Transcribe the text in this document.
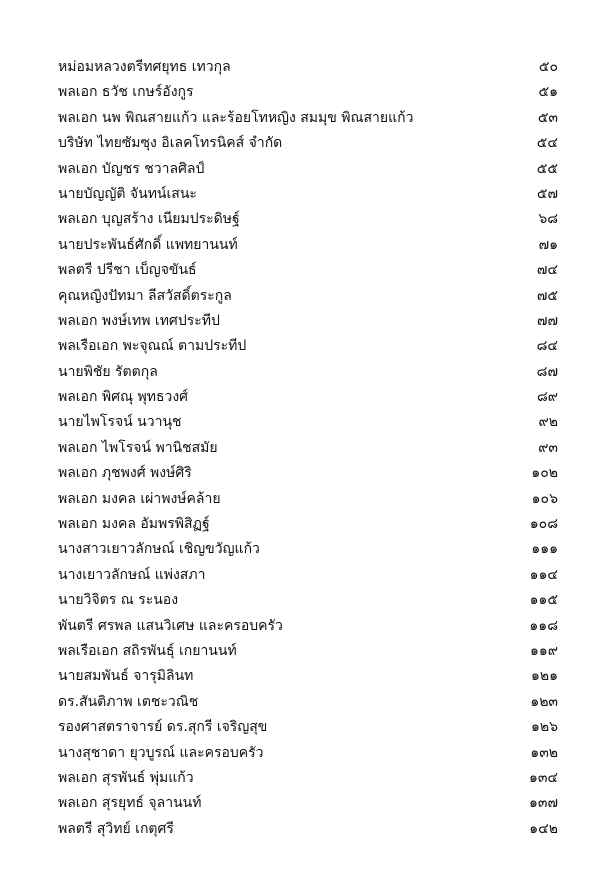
หม่อมหลวงตรีทศยุทธ เทวกุล	๕๐
พลเอก ธวัช เกษร์อังกูร	๕๑
พลเอก นพ พิณสายแก้ว และร้อยโทหญิง สมมุข พิณสายแก้ว	๕๓
บริษัท ไทยซัมซุง อิเลคโทรนิคส์ จำกัด	๕๔
พลเอก บัญชร ชวาลศิลป์	๕๕
นายบัญญัติ จันทน์เสนะ	๕๗
พลเอก บุญสร้าง เนียมประดิษฐ์	๖๘
นายประพันธ์ศักดิ์ แพทยานนท์	๗๑
พลตรี ปรีชา เบ็ญจขันธ์	๗๔
คุณหญิงปัทมา ลีสวัสดิ์ตระกูล	๗๕
พลเอก พงษ์เทพ เทศประทีป	๗๗
พลเรือเอก พะจุณณ์ ตามประทีป	๘๔
นายพิชัย รัตตกุล	๘๗
พลเอก พิศณุ พุทธวงศ์	๘๙
นายไพโรจน์ นวานุช	๙๒
พลเอก ไพโรจน์ พานิชสมัย	๙๓
พลเอก ภุชพงศ์ พงษ์ศิริ	๑๐๒
พลเอก มงคล เผ่าพงษ์คล้าย	๑๐๖
พลเอก มงคล อัมพรพิสิฏฐ์	๑๐๘
นางสาวเยาวลักษณ์ เชิญขวัญแก้ว	๑๑๑
นางเยาวลักษณ์ แพ่งสภา	๑๑๔
นายวิจิตร ณ ระนอง	๑๑๕
พันตรี ศรพล แสนวิเศษ และครอบครัว	๑๑๘
พลเรือเอก สถิรพันธุ์ เกยานนท์	๑๑๙
นายสมพันธ์ จารุมิลินท	๑๒๑
ดร.สันติภาพ เตชะวณิช	๑๒๓
รองศาสตราจารย์ ดร.สุกรี เจริญสุข	๑๒๖
นางสุชาดา ยุวบูรณ์ และครอบครัว	๑๓๒
พลเอก สุรพันธ์ พุ่มแก้ว	๑๓๔
พลเอก สุรยุทธ์ จุลานนท์	๑๓๗
พลตรี สุวิทย์ เกตุศรี	๑๔๒
